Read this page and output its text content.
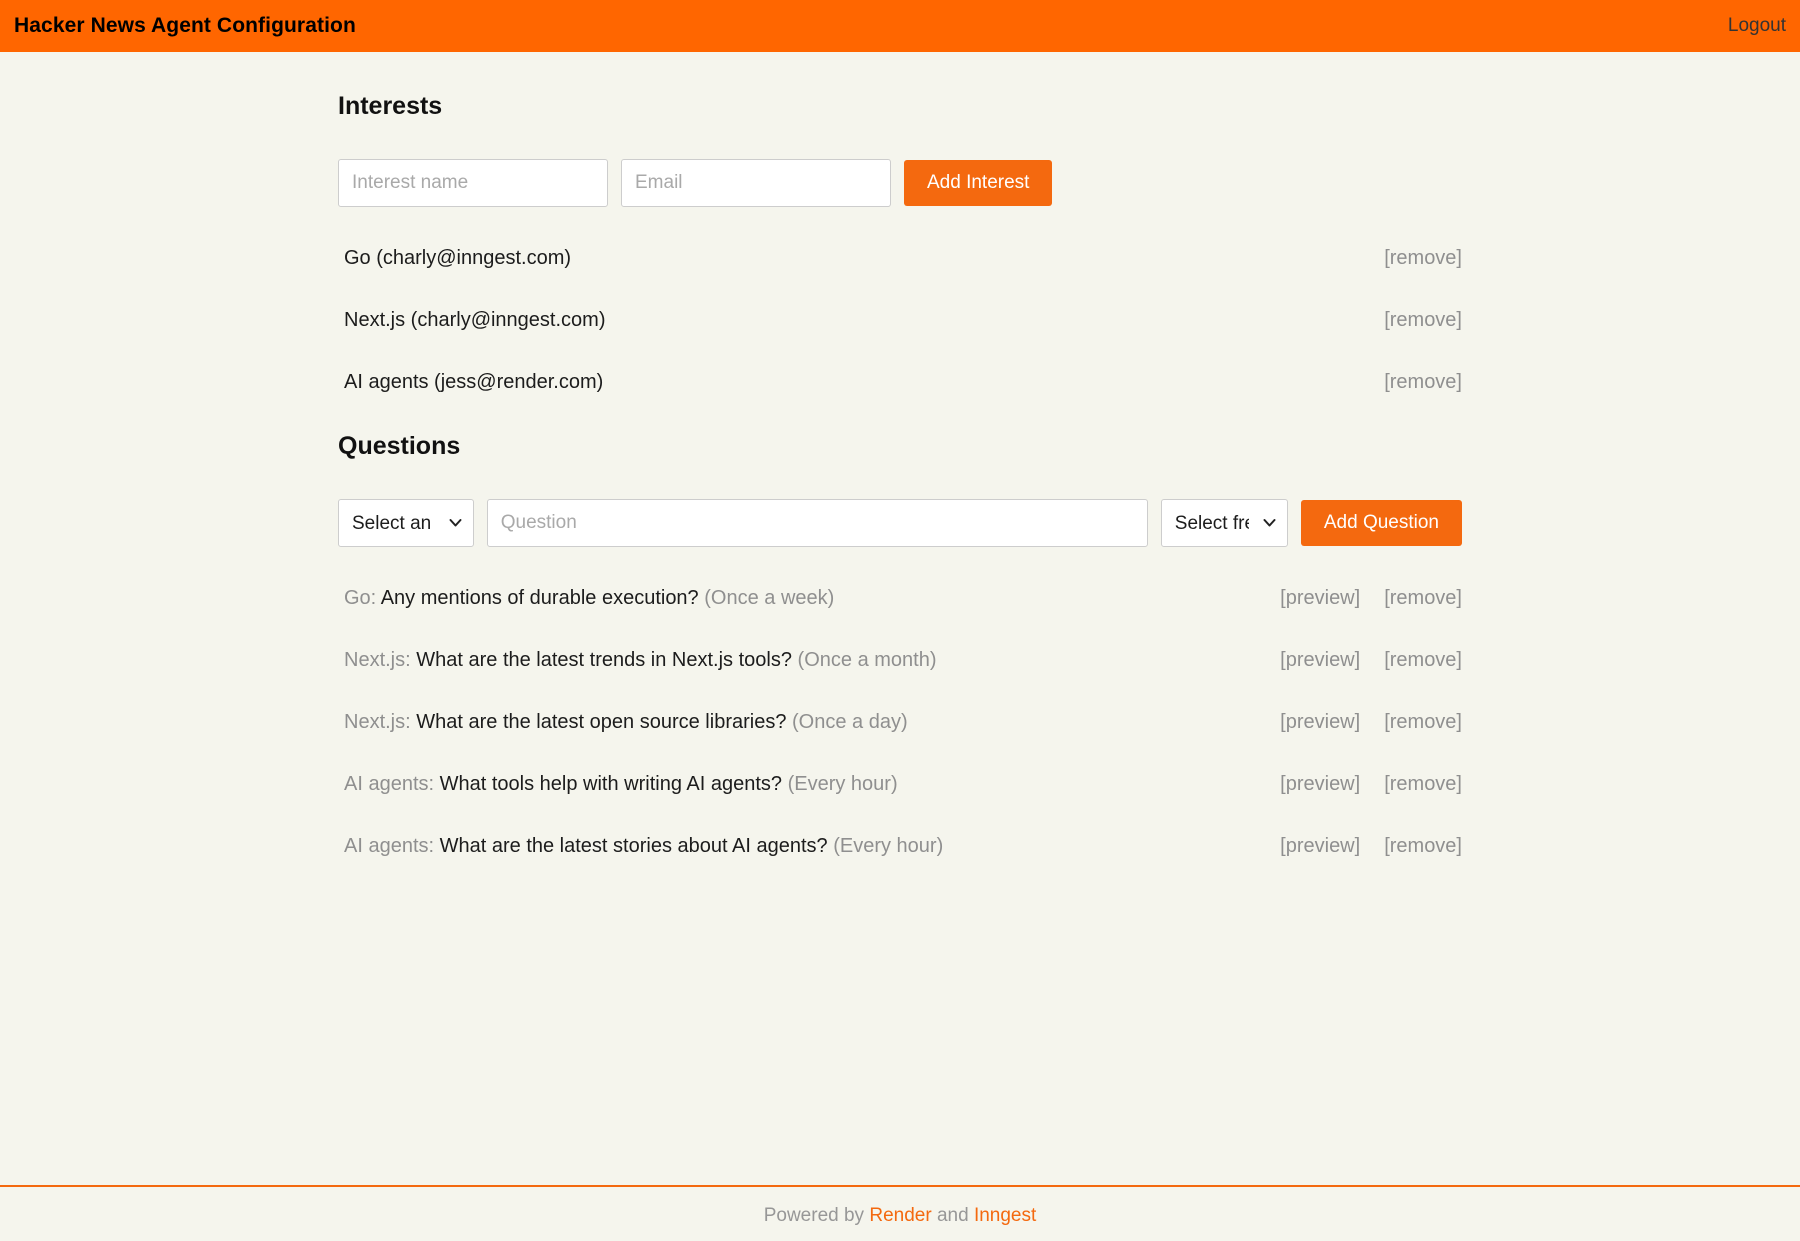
Hacker News Agent Configuration	Logout
Interests
Interest name
Email
Add Interest
Go (charly@inngest.com)	[remove]
Next.js (charly@inngest.com)	[remove]
AI agents (jess@render.com)	[remove]
Questions
Select an interest
Question
Select frequency
Add Question
Go: Any mentions of durable execution? (Once a week)	[preview] [remove]
Next.js: What are the latest trends in Next.js tools? (Once a month)	[preview] [remove]
Next.js: What are the latest open source libraries? (Once a day)	[preview] [remove]
AI agents: What tools help with writing AI agents? (Every hour)	[preview] [remove]
AI agents: What are the latest stories about AI agents? (Every hour)	[preview] [remove]
Powered by Render and Inngest
